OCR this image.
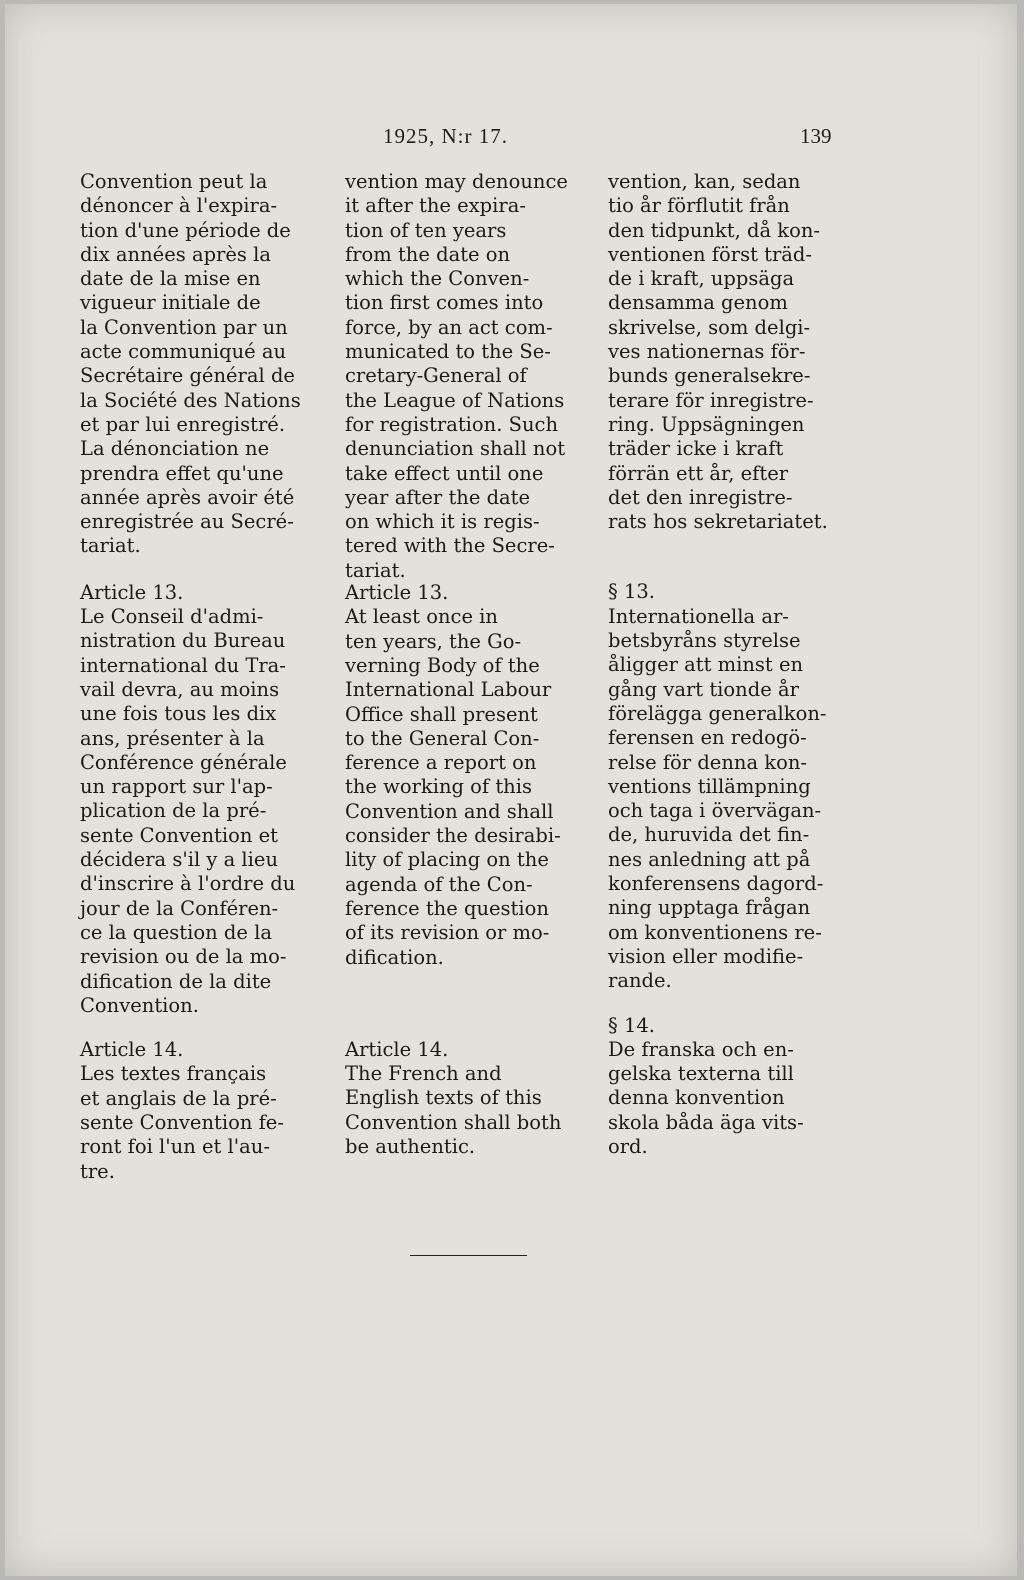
1925, N:r 17.	139

Convention peut la
dénoncer à l'expira-
tion d'une période de
dix années après la
date de la mise en
vigueur initiale de
la Convention par un
acte communiqué au
Secrétaire général de
la Société des Nations
et par lui enregistré.
La dénonciation ne
prendra effet qu'une
année après avoir été
enregistrée au Secré-
tariat.

Article 13.

Le Conseil d'admi-
nistration du Bureau
international du Tra-
vail devra, au moins
une fois tous les dix
ans, présenter à la
Conférence générale
un rapport sur l'ap-
plication de la pré-
sente Convention et
décidera s'il y a lieu
d'inscrire à l'ordre du
jour de la Conféren-
ce la question de la
revision ou de la mo-
dification de la dite
Convention.

Article 14.

Les textes français
et anglais de la pré-
sente Convention fe-
ront foi l'un et l'au-
tre.

vention may denounce
it after the expira-
tion of ten years
from the date on
which the Conven-
tion first comes into
force, by an act com-
municated to the Se-
cretary-General of
the League of Nations
for registration. Such
denunciation shall not
take effect until one
year after the date
on which it is regis-
tered with the Secre-
tariat.

Article 13.

At least once in
ten years, the Go-
verning Body of the
International Labour
Office shall present
to the General Con-
ference a report on
the working of this
Convention and shall
consider the desirabi-
lity of placing on the
agenda of the Con-
ference the question
of its revision or mo-
dification.

Article 14.

The French and
English texts of this
Convention shall both
be authentic.

vention, kan, sedan
tio år förflutit från
den tidpunkt, då kon-
ventionen först träd-
de i kraft, uppsäga
densamma genom
skrivelse, som delgi-
ves nationernas för-
bunds generalsekre-
terare för inregistre-
ring. Uppsägningen
träder icke i kraft
förrän ett år, efter
det den inregistre-
rats hos sekretariatet.

§ 13.

Internationella ar-
betsbyråns styrelse
åligger att minst en
gång vart tionde år
förelägga generalkon-
ferensen en redogö-
relse för denna kon-
ventions tillämpning
och taga i övervägan-
de, huruvida det fin-
nes anledning att på
konferensens dagord-
ning upptaga frågan
om konventionens re-
vision eller modifie-
rande.

§ 14.

De franska och en-
gelska texterna till
denna konvention
skola båda äga vits-
ord.
